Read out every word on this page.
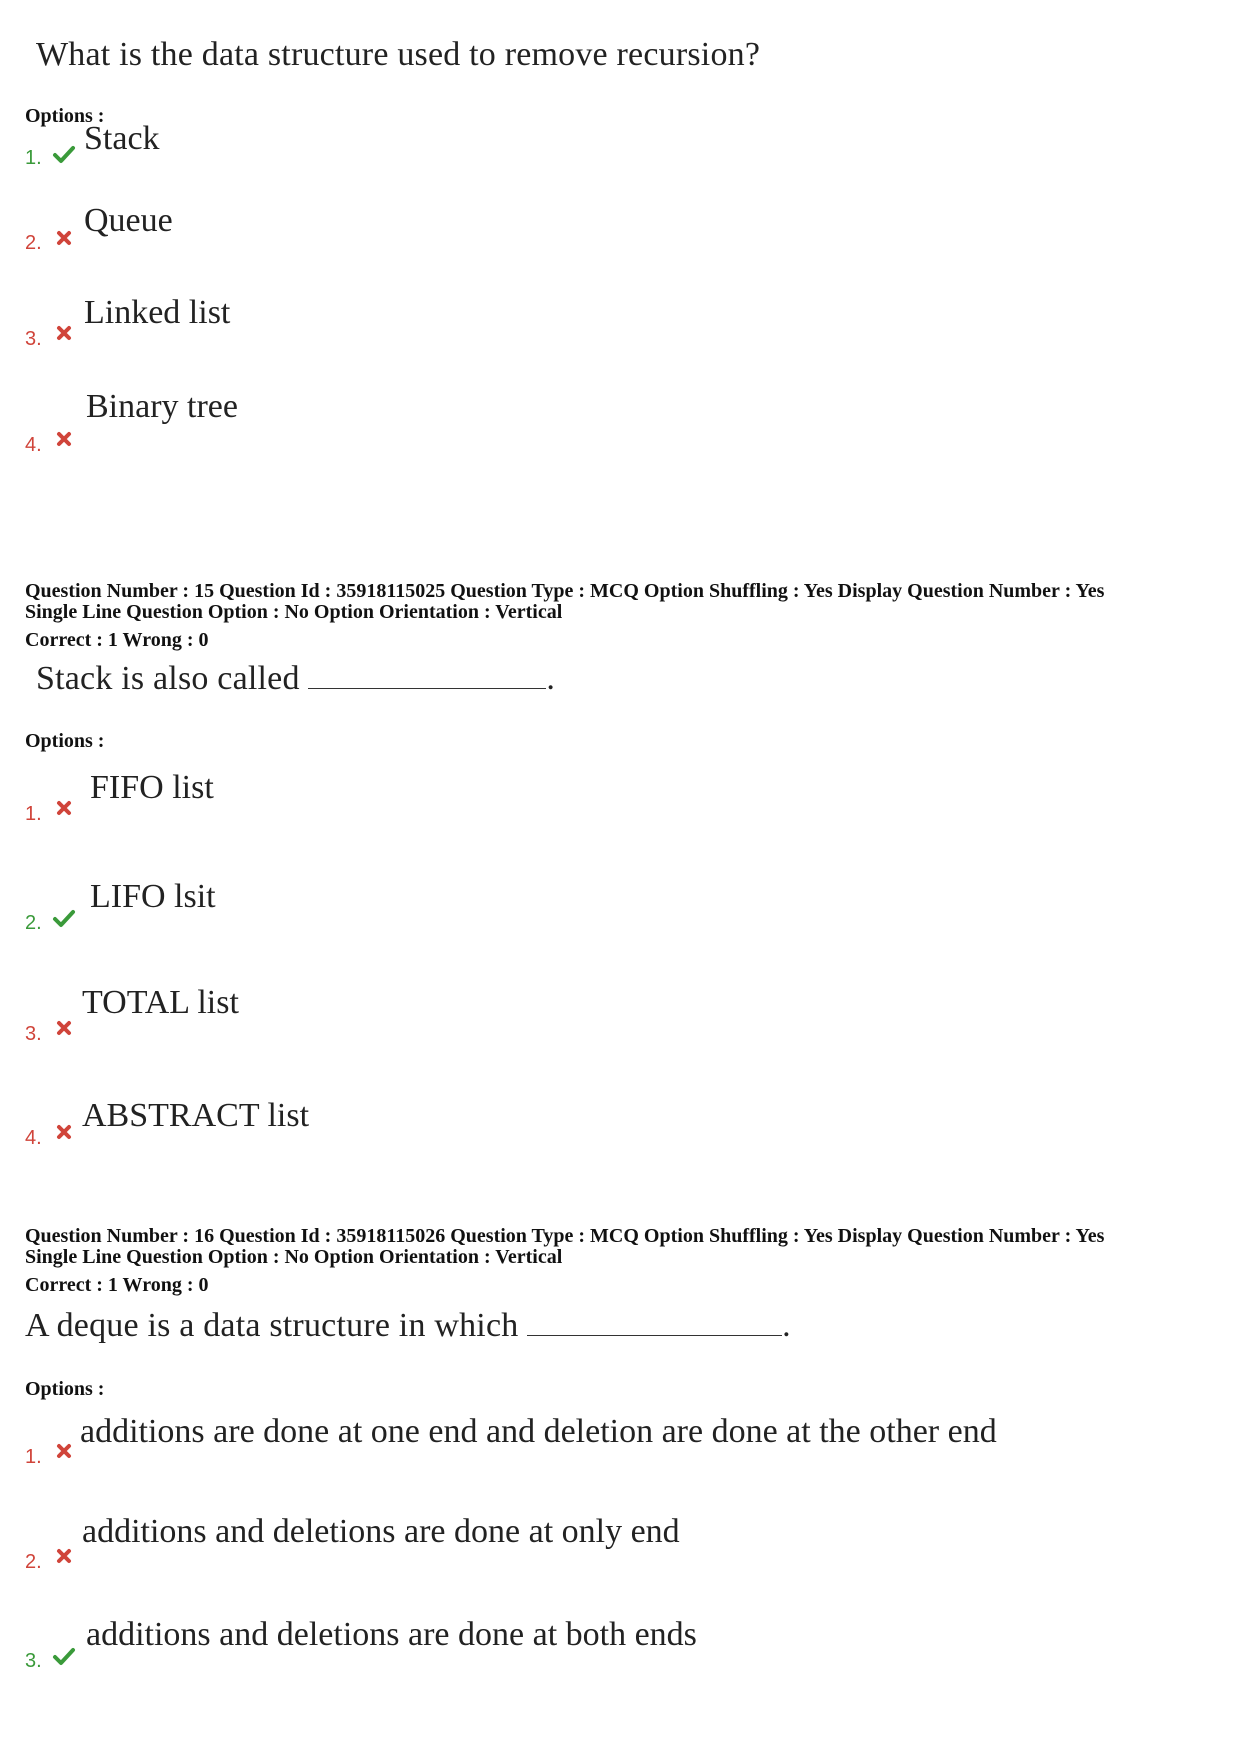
What is the data structure used to remove recursion?
Options :
1.
Stack
2.
Queue
3.
Linked list
4.
Binary tree
Question Number : 15 Question Id : 35918115025 Question Type : MCQ Option Shuffling : Yes Display Question Number : Yes
Single Line Question Option : No Option Orientation : Vertical
Correct : 1 Wrong : 0
Stack is also called	.
Options :
1.
FIFO list
2.
LIFO lsit
3.
TOTAL list
4.
ABSTRACT list
Question Number : 16 Question Id : 35918115026 Question Type : MCQ Option Shuffling : Yes Display Question Number : Yes
Single Line Question Option : No Option Orientation : Vertical
Correct : 1 Wrong : 0
A deque is a data structure in which	.
Options :
1.
additions are done at one end and deletion are done at the other end
2.
additions and deletions are done at only end
3.
additions and deletions are done at both ends
